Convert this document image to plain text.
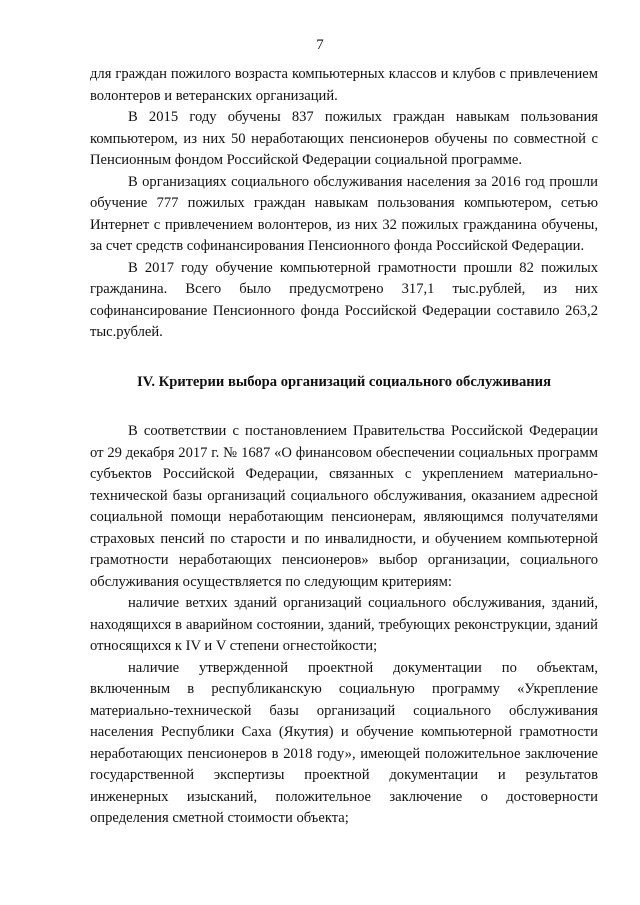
7

для граждан пожилого возраста компьютерных классов и клубов с привлечением волонтеров и ветеранских организаций.

В 2015 году обучены 837 пожилых граждан навыкам пользования компьютером, из них 50 неработающих пенсионеров обучены по совместной с Пенсионным фондом Российской Федерации социальной программе.

В организациях социального обслуживания населения за 2016 год прошли обучение 777 пожилых граждан навыкам пользования компьютером, сетью Интернет с привлечением волонтеров, из них 32 пожилых гражданина обучены, за счет средств софинансирования Пенсионного фонда Российской Федерации.

В 2017 году обучение компьютерной грамотности прошли 82 пожилых гражданина. Всего было предусмотрено 317,1 тыс.рублей, из них софинансирование Пенсионного фонда Российской Федерации составило 263,2 тыс.рублей.

IV. Критерии выбора организаций социального обслуживания

В соответствии с постановлением Правительства Российской Федерации от 29 декабря 2017 г. № 1687 «О финансовом обеспечении социальных программ субъектов Российской Федерации, связанных с укреплением материально-технической базы организаций социального обслуживания, оказанием адресной социальной помощи неработающим пенсионерам, являющимся получателями страховых пенсий по старости и по инвалидности, и обучением компьютерной грамотности неработающих пенсионеров» выбор организации, социального обслуживания осуществляется по следующим критериям:

наличие ветхих зданий организаций социального обслуживания, зданий, находящихся в аварийном состоянии, зданий, требующих реконструкции, зданий относящихся к IV и V степени огнестойкости;

наличие утвержденной проектной документации по объектам, включенным в республиканскую социальную программу «Укрепление материально-технической базы организаций социального обслуживания населения Республики Саха (Якутия) и обучение компьютерной грамотности неработающих пенсионеров в 2018 году», имеющей положительное заключение государственной экспертизы проектной документации и результатов инженерных изысканий, положительное заключение о достоверности определения сметной стоимости объекта;
